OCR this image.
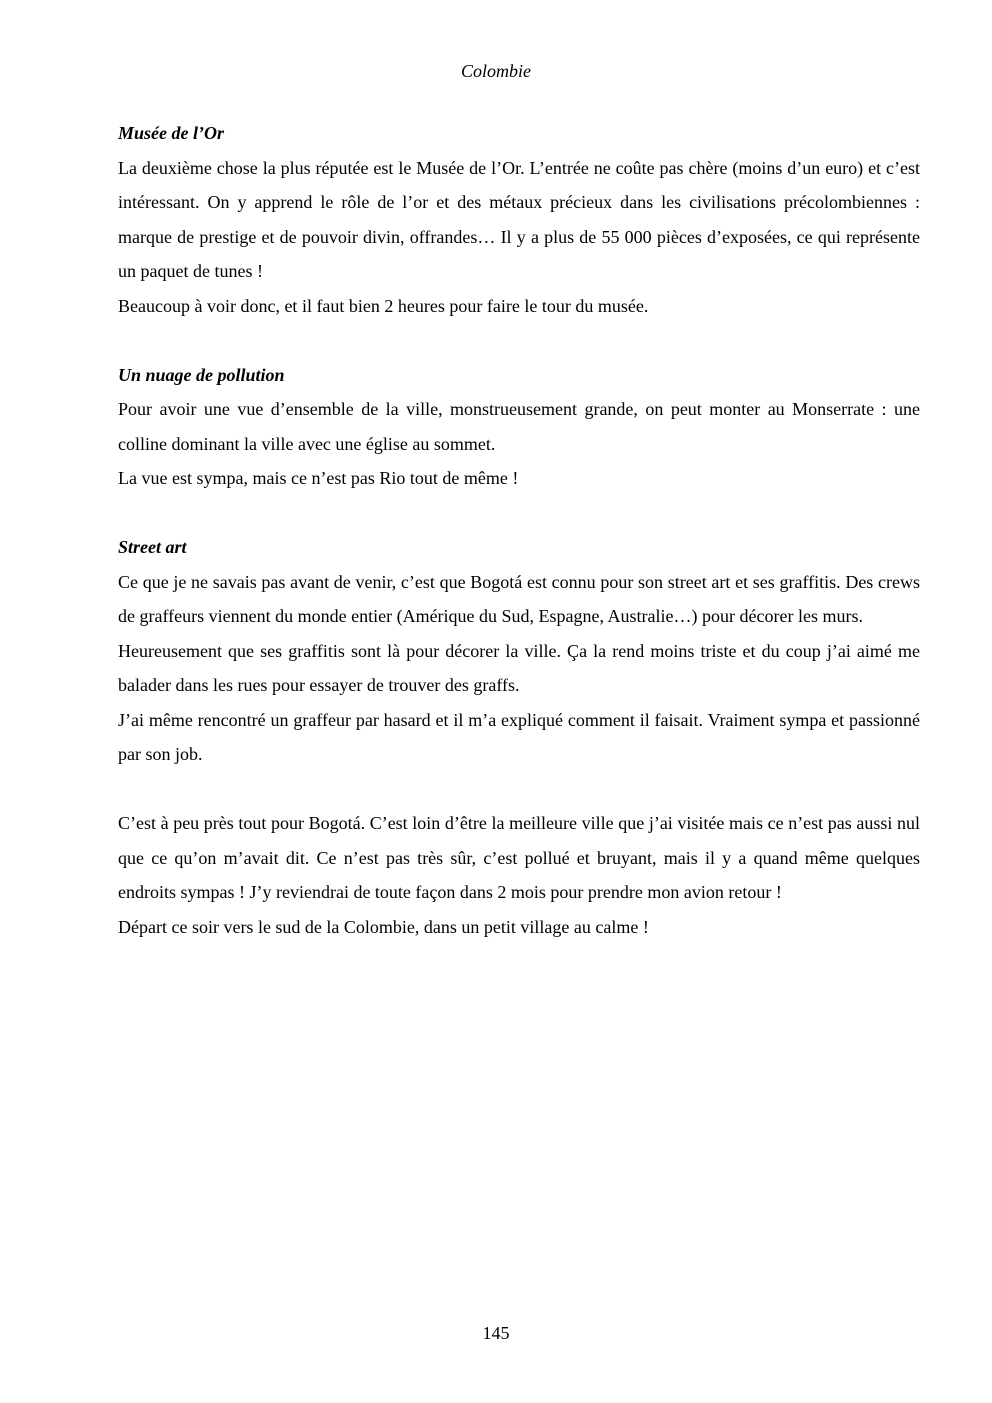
Colombie

Musée de l’Or

La deuxième chose la plus réputée est le Musée de l’Or. L’entrée ne coûte pas chère (moins d’un euro) et c’est intéressant. On y apprend le rôle de l’or et des métaux précieux dans les civilisations précolombiennes : marque de prestige et de pouvoir divin, offrandes… Il y a plus de 55 000 pièces d’exposées, ce qui représente un paquet de tunes !

Beaucoup à voir donc, et il faut bien 2 heures pour faire le tour du musée.

Un nuage de pollution

Pour avoir une vue d’ensemble de la ville, monstrueusement grande, on peut monter au Monserrate : une colline dominant la ville avec une église au sommet.

La vue est sympa, mais ce n’est pas Rio tout de même !

Street art

Ce que je ne savais pas avant de venir, c’est que Bogotá est connu pour son street art et ses graffitis. Des crews de graffeurs viennent du monde entier (Amérique du Sud, Espagne, Australie…) pour décorer les murs.

Heureusement que ses graffitis sont là pour décorer la ville. Ça la rend moins triste et du coup j’ai aimé me balader dans les rues pour essayer de trouver des graffs.

J’ai même rencontré un graffeur par hasard et il m’a expliqué comment il faisait. Vraiment sympa et passionné par son job.

C’est à peu près tout pour Bogotá. C’est loin d’être la meilleure ville que j’ai visitée mais ce n’est pas aussi nul que ce qu’on m’avait dit. Ce n’est pas très sûr, c’est pollué et bruyant, mais il y a quand même quelques endroits sympas ! J’y reviendrai de toute façon dans 2 mois pour prendre mon avion retour !

Départ ce soir vers le sud de la Colombie, dans un petit village au calme !

145
